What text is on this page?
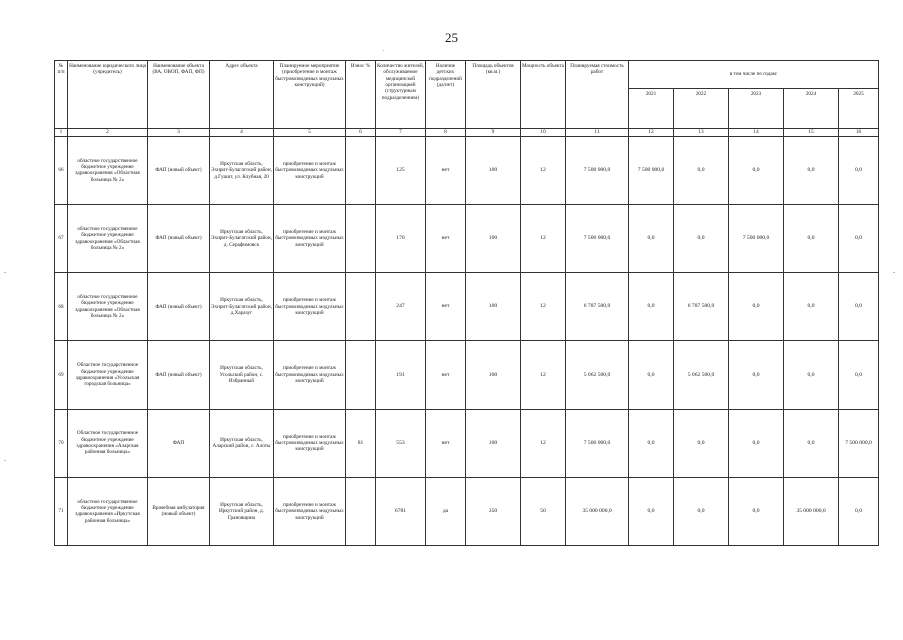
25
№ п/п	Наименование юридического лица (учредитель)	Наименование объекта (ВА, ОВОП, ФАП, ФП)	Адрес объекта	Планируемое мероприятие (приобретение и монтаж быстровозводимых модульных конструкций)	Износ %	Количество жителей, обслуживаемое медицинской организацией (структурным подразделением)	Наличие детских подразделений (да/нет)	Площадь объектов (кв.м.)	Мощность объекта	Планируемая стоимость работ	в том числе по годам:				
											2021	2022	2023	2024	2025
1	2	3	4	5	6	7	8	9	10	11	12	13	14	15	16
66	областное государственное бюджетное учреждение здравоохранения «Областная больница № 2»	ФАП (новый объект)	Иркутская область, Эхирит-Булагатский район, д.Гушит, ул. Клубная, 20	приобретение и монтаж быстровозводимых модульных конструкций		125	нет	100	12	7 500 000,0	7 500 000,0	0,0	0,0	0,0	0,0
67	областное государственное бюджетное учреждение здравоохранения «Областная больница № 2»	ФАП (новый объект)	Иркутская область, Эхирит-Булагатский район, д. Серафимовск	приобретение и монтаж быстровозводимых модульных конструкций		170	нет	100	12	7 500 000,0	0,0	0,0	7 500 000,0	0,0	0,0
68	областное государственное бюджетное учреждение здравоохранения «Областная больница № 2»	ФАП (новый объект)	Иркутская область, Эхирит-Булагатский район, д.Харазуг	приобретение и монтаж быстровозводимых модульных конструкций		247	нет	100	12	6 787 500,0	0,0	6 787 500,0	0,0	0,0	0,0
69	Областное государственное бюджетное учреждение здравоохранения «Усольская городская больница»	ФАП (новый объект)	Иркутская область, Усольский район, с. Избранный	приобретение и монтаж быстровозводимых модульных конструкций		191	нет	100	12	5 062 500,0	0,0	5 062 500,0	0,0	0,0	0,0
70	Областное государственное бюджетное учреждение здравоохранения «Аларская районная больница»	ФАП	Иркутская область, Аларский район, с. Алоты	приобретение и монтаж быстровозводимых модульных конструкций	81	553	нет	100	12	7 500 000,0	0,0	0,0	0,0	0,0	7 500 000,0
71	областное государственное бюджетное учреждение здравоохранения «Иркутская районная больница»	Врачебная амбулатория (новый объект)	Иркутская область, Иркутский район, д. Грановщина	приобретение и монтаж быстровозводимых модульных конструкций		6781	да	350	50	35 000 000,0	0,0	0,0	0,0	35 000 000,0	0,0
·
-
-
-
